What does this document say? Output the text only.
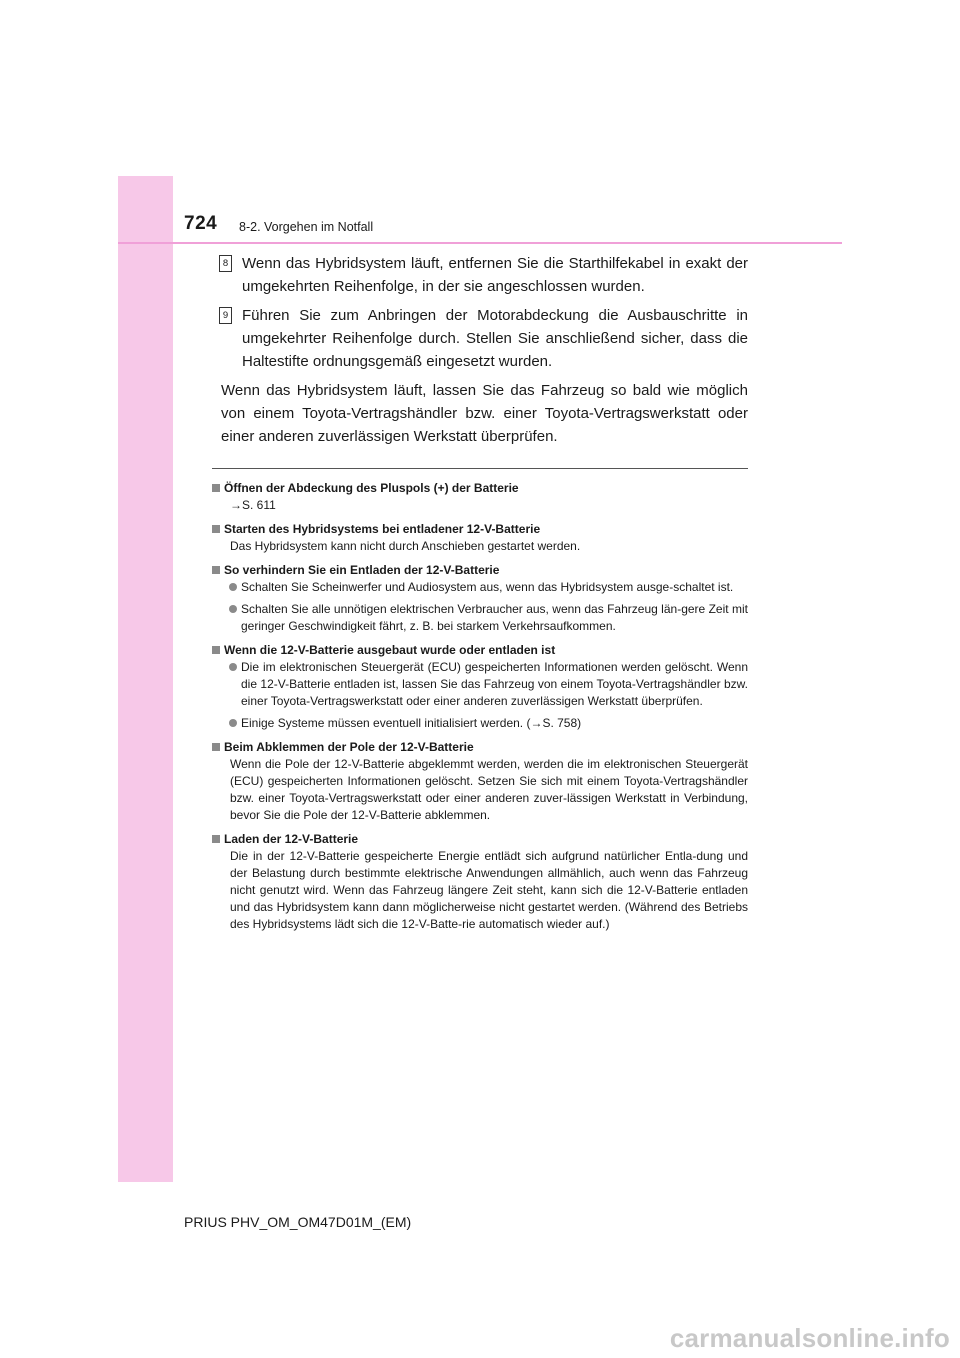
724 8-2. Vorgehen im Notfall
8 Wenn das Hybridsystem läuft, entfernen Sie die Starthilfekabel in exakt der umgekehrten Reihenfolge, in der sie angeschlossen wurden.
9 Führen Sie zum Anbringen der Motorabdeckung die Ausbauschritte in umgekehrter Reihenfolge durch. Stellen Sie anschließend sicher, dass die Haltestifte ordnungsgemäß eingesetzt wurden.
Wenn das Hybridsystem läuft, lassen Sie das Fahrzeug so bald wie möglich von einem Toyota-Vertragshändler bzw. einer Toyota-Vertragswerkstatt oder einer anderen zuverlässigen Werkstatt überprüfen.
Öffnen der Abdeckung des Pluspols (+) der Batterie
→S. 611
Starten des Hybridsystems bei entladener 12-V-Batterie
Das Hybridsystem kann nicht durch Anschieben gestartet werden.
So verhindern Sie ein Entladen der 12-V-Batterie
Schalten Sie Scheinwerfer und Audiosystem aus, wenn das Hybridsystem ausge-schaltet ist.
Schalten Sie alle unnötigen elektrischen Verbraucher aus, wenn das Fahrzeug län-gere Zeit mit geringer Geschwindigkeit fährt, z. B. bei starkem Verkehrsaufkommen.
Wenn die 12-V-Batterie ausgebaut wurde oder entladen ist
Die im elektronischen Steuergerät (ECU) gespeicherten Informationen werden gelöscht. Wenn die 12-V-Batterie entladen ist, lassen Sie das Fahrzeug von einem Toyota-Vertragshändler bzw. einer Toyota-Vertragswerkstatt oder einer anderen zuverlässigen Werkstatt überprüfen.
Einige Systeme müssen eventuell initialisiert werden. (→S. 758)
Beim Abklemmen der Pole der 12-V-Batterie
Wenn die Pole der 12-V-Batterie abgeklemmt werden, werden die im elektronischen Steuergerät (ECU) gespeicherten Informationen gelöscht. Setzen Sie sich mit einem Toyota-Vertragshändler bzw. einer Toyota-Vertragswerkstatt oder einer anderen zuver-lässigen Werkstatt in Verbindung, bevor Sie die Pole der 12-V-Batterie abklemmen.
Laden der 12-V-Batterie
Die in der 12-V-Batterie gespeicherte Energie entlädt sich aufgrund natürlicher Entla-dung und der Belastung durch bestimmte elektrische Anwendungen allmählich, auch wenn das Fahrzeug nicht genutzt wird. Wenn das Fahrzeug längere Zeit steht, kann sich die 12-V-Batterie entladen und das Hybridsystem kann dann möglicherweise nicht gestartet werden. (Während des Betriebs des Hybridsystems lädt sich die 12-V-Batte-rie automatisch wieder auf.)
PRIUS PHV_OM_OM47D01M_(EM)
carmanualsonline.info
